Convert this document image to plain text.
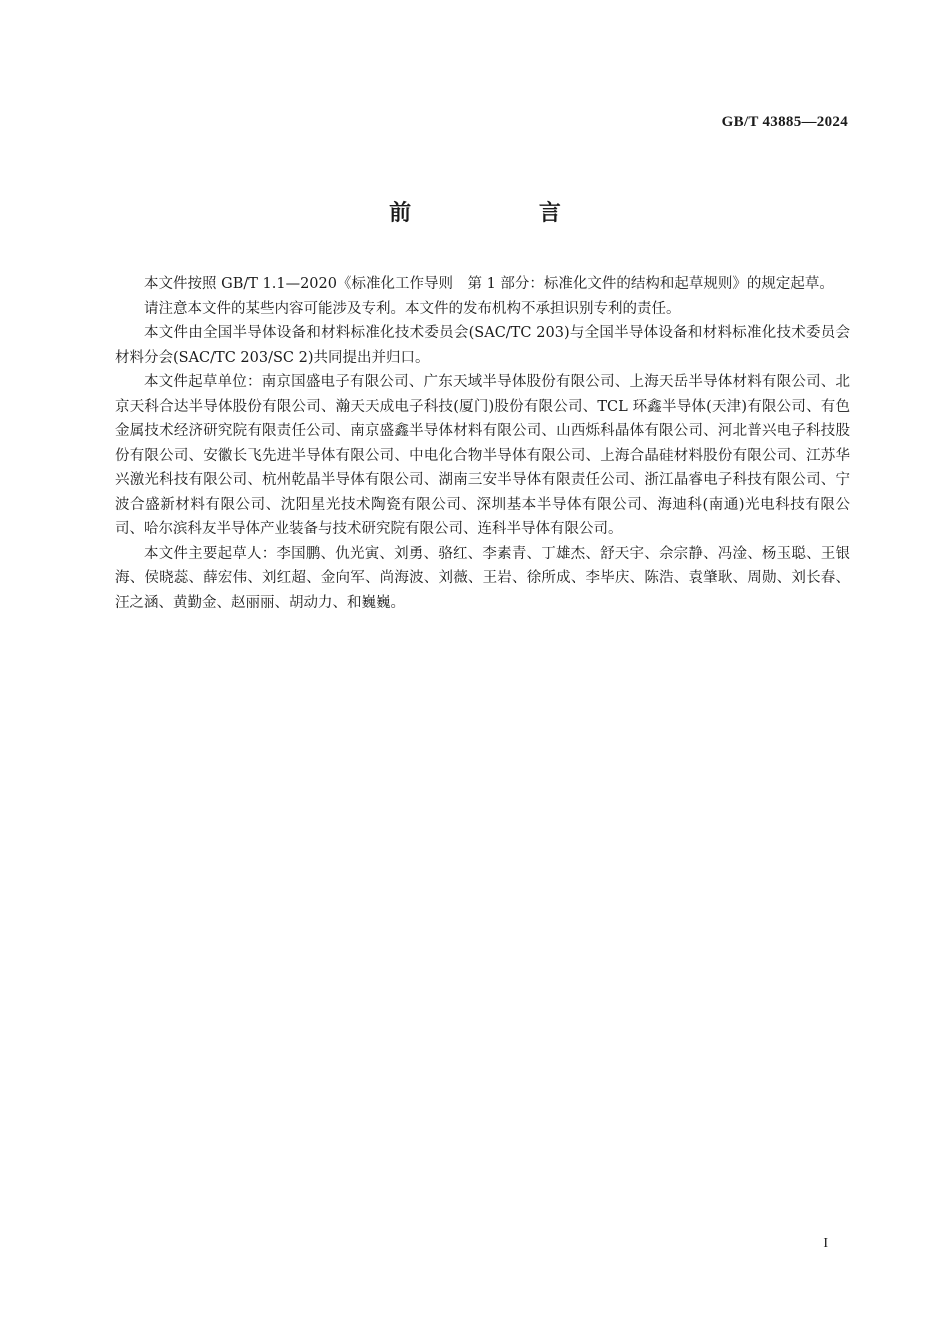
GB/T 43885—2024
前 言

本文件按照 GB/T 1.1—2020《标准化工作导则　第 1 部分：标准化文件的结构和起草规则》的规定起草。

请注意本文件的某些内容可能涉及专利。本文件的发布机构不承担识别专利的责任。

本文件由全国半导体设备和材料标准化技术委员会(SAC/TC 203)与全国半导体设备和材料标准化技术委员会材料分会(SAC/TC 203/SC 2)共同提出并归口。

本文件起草单位：南京国盛电子有限公司、广东天域半导体股份有限公司、上海天岳半导体材料有限公司、北京天科合达半导体股份有限公司、瀚天天成电子科技(厦门)股份有限公司、TCL 环鑫半导体(天津)有限公司、有色金属技术经济研究院有限责任公司、南京盛鑫半导体材料有限公司、山西烁科晶体有限公司、河北普兴电子科技股份有限公司、安徽长飞先进半导体有限公司、中电化合物半导体有限公司、上海合晶硅材料股份有限公司、江苏华兴激光科技有限公司、杭州乾晶半导体有限公司、湖南三安半导体有限责任公司、浙江晶睿电子科技有限公司、宁波合盛新材料有限公司、沈阳星光技术陶瓷有限公司、深圳基本半导体有限公司、海迪科(南通)光电科技有限公司、哈尔滨科友半导体产业装备与技术研究院有限公司、连科半导体有限公司。

本文件主要起草人：李国鹏、仇光寅、刘勇、骆红、李素青、丁雄杰、舒天宇、佘宗静、冯淦、杨玉聪、王银海、侯晓蕊、薛宏伟、刘红超、金向军、尚海波、刘薇、王岩、徐所成、李毕庆、陈浩、袁肇耿、周勋、刘长春、汪之涵、黄勤金、赵丽丽、胡动力、和巍巍。

I
